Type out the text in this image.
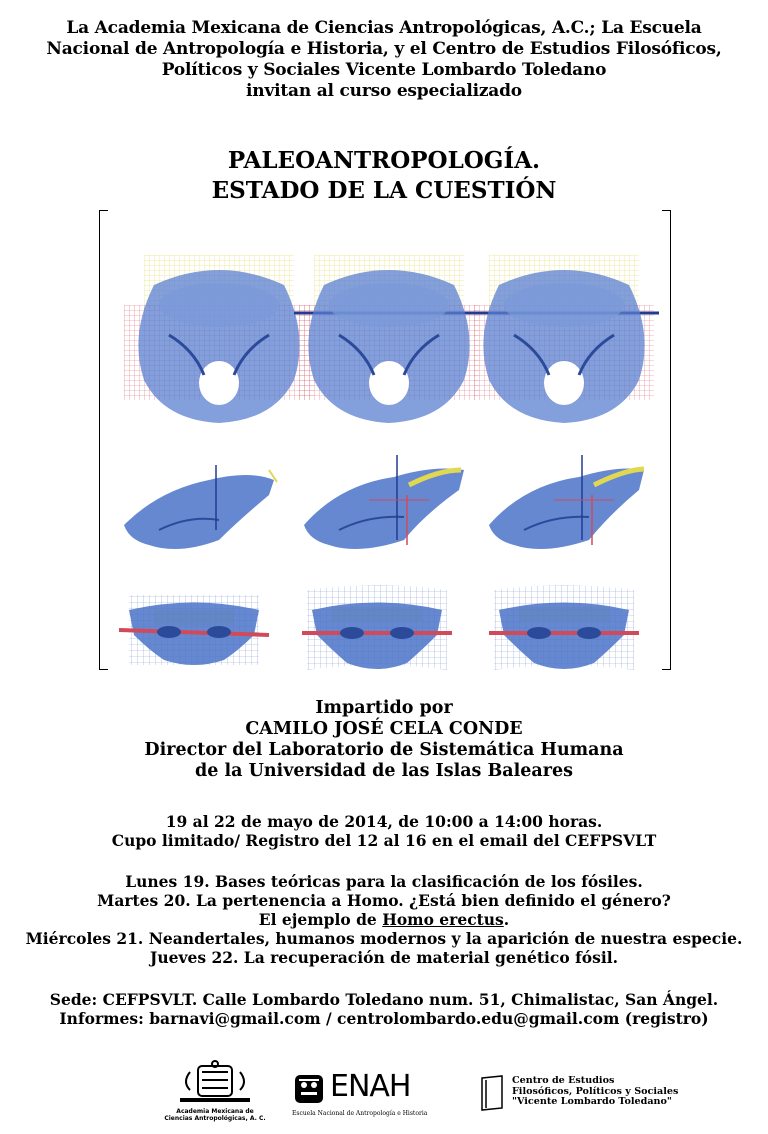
La Academia Mexicana de Ciencias Antropológicas, A.C.; La Escuela

Nacional de Antropología e Historia, y el Centro de Estudios Filosóficos,

Políticos y Sociales Vicente Lombardo Toledano

invitan al curso especializado

PALEOANTROPOLOGÍA.

ESTADO DE LA CUESTIÓN

Impartido por

CAMILO JOSÉ CELA CONDE

Director del Laboratorio de Sistemática Humana

de la Universidad de las Islas Baleares

19 al 22 de mayo de 2014, de 10:00 a 14:00 horas.

Cupo limitado/ Registro del 12 al 16 en el email del CEFPSVLT

Lunes 19. Bases teóricas para la clasificación de los fósiles.

Martes 20. La pertenencia a Homo. ¿Está bien definido el género?

El ejemplo de Homo erectus.

Miércoles 21. Neandertales, humanos modernos y la aparición de nuestra especie.

Jueves 22. La recuperación de material genético fósil.

Sede: CEFPSVLT. Calle Lombardo Toledano num. 51, Chimalistac, San Ángel.

Informes: barnavi@gmail.com / centrolombardo.edu@gmail.com (registro)

Academia Mexicana de
Ciencias Antropológicas, A. C.
ENAH
Escuela Nacional de Antropología e Historia
Centro de Estudios
Filosóficos, Políticos y Sociales
"Vicente Lombardo Toledano"
